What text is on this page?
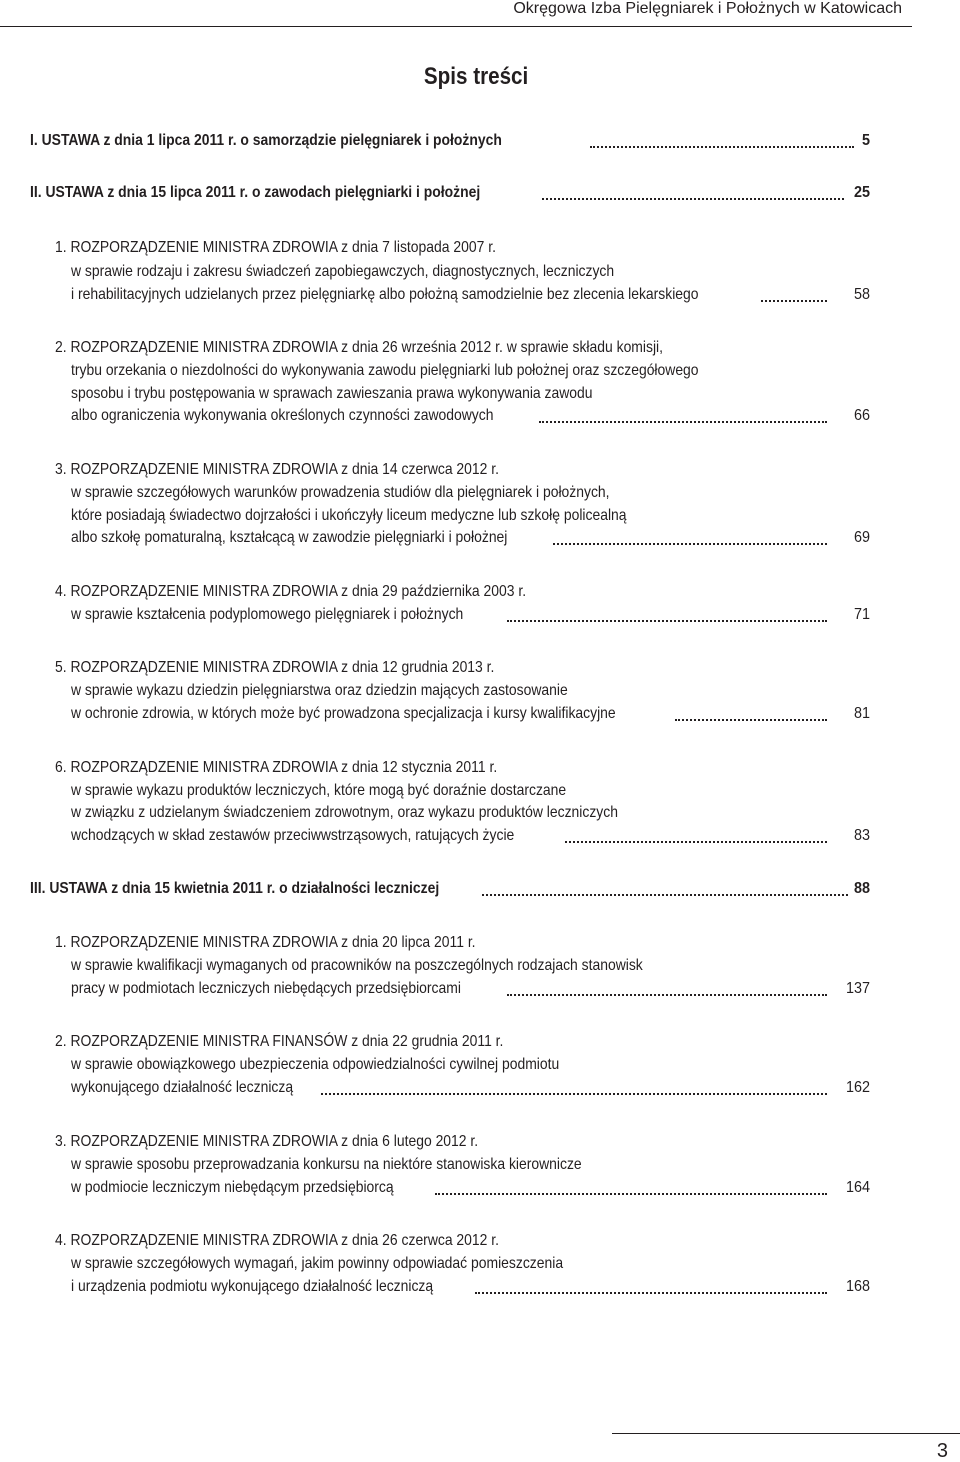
Okręgowa Izba Pielęgniarek i Położnych w Katowicach
Spis treści
I. USTAWA z dnia 1 lipca 2011 r. o samorządzie pielęgniarek i położnych	5
II. USTAWA z dnia 15 lipca 2011 r. o zawodach pielęgniarki i położnej	25
1. ROZPORZĄDZENIE MINISTRA ZDROWIA z dnia 7 listopada 2007 r.
w sprawie rodzaju i zakresu świadczeń zapobiegawczych, diagnostycznych, leczniczych
i rehabilitacyjnych udzielanych przez pielęgniarkę albo położną samodzielnie bez zlecenia lekarskiego	58
2. ROZPORZĄDZENIE MINISTRA ZDROWIA z dnia 26 września 2012 r. w sprawie składu komisji,
trybu orzekania o niezdolności do wykonywania zawodu pielęgniarki lub położnej oraz szczegółowego
sposobu i trybu postępowania w sprawach zawieszania prawa wykonywania zawodu
albo ograniczenia wykonywania określonych czynności zawodowych	66
3. ROZPORZĄDZENIE MINISTRA ZDROWIA z dnia 14 czerwca 2012 r.
w sprawie szczegółowych warunków prowadzenia studiów dla pielęgniarek i położnych,
które posiadają świadectwo dojrzałości i ukończyły liceum medyczne lub szkołę policealną
albo szkołę pomaturalną, kształcącą w zawodzie pielęgniarki i położnej	69
4. ROZPORZĄDZENIE MINISTRA ZDROWIA z dnia 29 października 2003 r.
w sprawie kształcenia podyplomowego pielęgniarek i położnych	71
5. ROZPORZĄDZENIE MINISTRA ZDROWIA z dnia 12 grudnia 2013 r.
w sprawie wykazu dziedzin pielęgniarstwa oraz dziedzin mających zastosowanie
w ochronie zdrowia, w których może być prowadzona specjalizacja i kursy kwalifikacyjne	81
6. ROZPORZĄDZENIE MINISTRA ZDROWIA z dnia 12 stycznia 2011 r.
w sprawie wykazu produktów leczniczych, które mogą być doraźnie dostarczane
w związku z udzielanym świadczeniem zdrowotnym, oraz wykazu produktów leczniczych
wchodzących w skład zestawów przeciwwstrząsowych, ratujących życie	83
III. USTAWA z dnia 15 kwietnia 2011 r. o działalności leczniczej	88
1. ROZPORZĄDZENIE MINISTRA ZDROWIA z dnia 20 lipca 2011 r.
w sprawie kwalifikacji wymaganych od pracowników na poszczególnych rodzajach stanowisk
pracy w podmiotach leczniczych niebędących przedsiębiorcami	137
2. ROZPORZĄDZENIE MINISTRA FINANSÓW z dnia 22 grudnia 2011 r.
w sprawie obowiązkowego ubezpieczenia odpowiedzialności cywilnej podmiotu
wykonującego działalność leczniczą	162
3. ROZPORZĄDZENIE MINISTRA ZDROWIA z dnia 6 lutego 2012 r.
w sprawie sposobu przeprowadzania konkursu na niektóre stanowiska kierownicze
w podmiocie leczniczym niebędącym przedsiębiorcą	164
4. ROZPORZĄDZENIE MINISTRA ZDROWIA z dnia 26 czerwca 2012 r.
w sprawie szczegółowych wymagań, jakim powinny odpowiadać pomieszczenia
i urządzenia podmiotu wykonującego działalność leczniczą	168
3
